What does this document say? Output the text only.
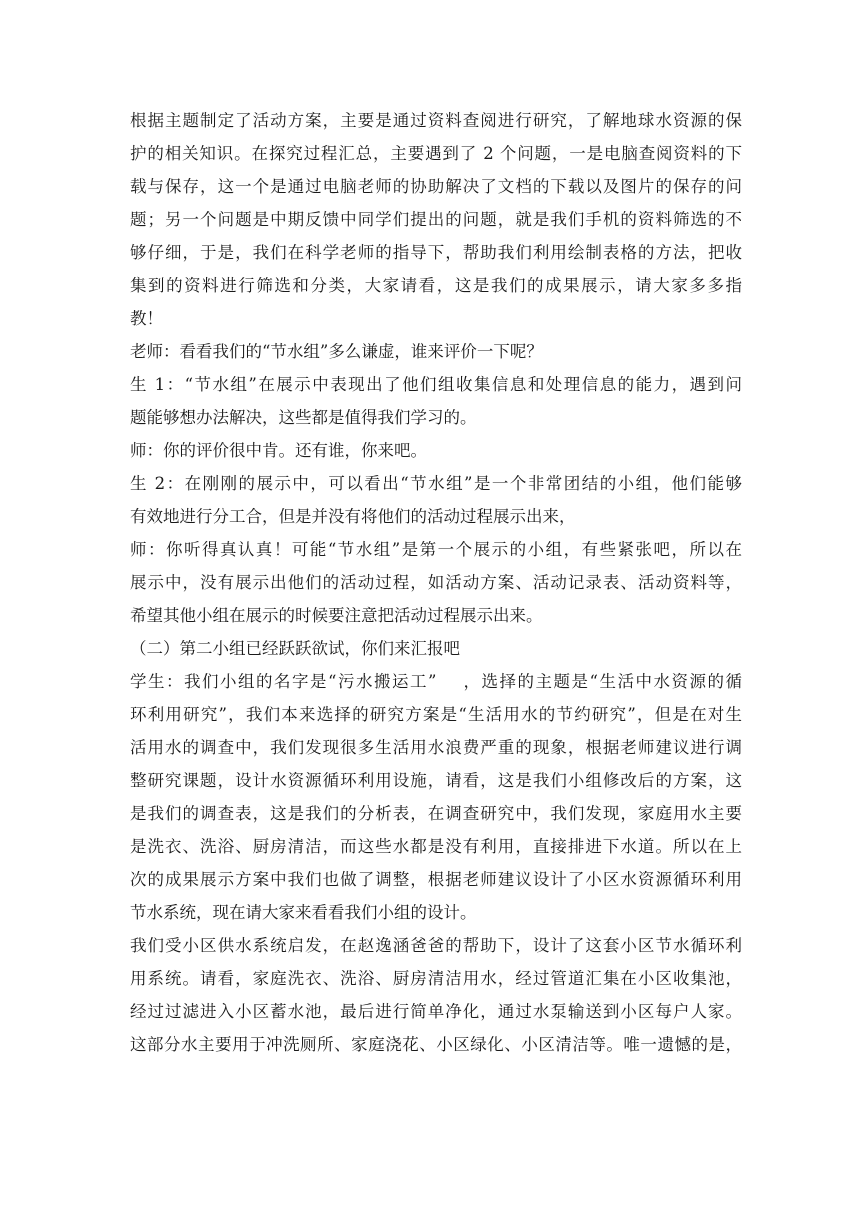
根据主题制定了活动方案，主要是通过资料查阅进行研究，了解地球水资源的保
护的相关知识。在探究过程汇总，主要遇到了 2 个问题，一是电脑查阅资料的下
载与保存，这一个是通过电脑老师的协助解决了文档的下载以及图片的保存的问
题；另一个问题是中期反馈中同学们提出的问题，就是我们手机的资料筛选的不
够仔细，于是，我们在科学老师的指导下，帮助我们利用绘制表格的方法，把收
集到的资料进行筛选和分类，大家请看，这是我们的成果展示，请大家多多指
教！
老师：看看我们的“节水组”多么谦虚，谁来评价一下呢？
生 1：“节水组”在展示中表现出了他们组收集信息和处理信息的能力，遇到问
题能够想办法解决，这些都是值得我们学习的。
师：你的评价很中肯。还有谁，你来吧。
生 2：在刚刚的展示中，可以看出“节水组”是一个非常团结的小组，他们能够
有效地进行分工合，但是并没有将他们的活动过程展示出来，
师：你听得真认真！可能“节水组”是第一个展示的小组，有些紧张吧，所以在
展示中，没有展示出他们的活动过程，如活动方案、活动记录表、活动资料等，
希望其他小组在展示的时候要注意把活动过程展示出来。
（二）第二小组已经跃跃欲试，你们来汇报吧
学生：我们小组的名字是“污水搬运工”    ，选择的主题是“生活中水资源的循
环利用研究”，我们本来选择的研究方案是“生活用水的节约研究”，但是在对生
活用水的调查中，我们发现很多生活用水浪费严重的现象，根据老师建议进行调
整研究课题，设计水资源循环利用设施，请看，这是我们小组修改后的方案，这
是我们的调查表，这是我们的分析表，在调查研究中，我们发现，家庭用水主要
是洗衣、洗浴、厨房清洁，而这些水都是没有利用，直接排进下水道。所以在上
次的成果展示方案中我们也做了调整，根据老师建议设计了小区水资源循环利用
节水系统，现在请大家来看看我们小组的设计。
我们受小区供水系统启发，在赵逸涵爸爸的帮助下，设计了这套小区节水循环利
用系统。请看，家庭洗衣、洗浴、厨房清洁用水，经过管道汇集在小区收集池，
经过过滤进入小区蓄水池，最后进行简单净化，通过水泵输送到小区每户人家。
这部分水主要用于冲洗厕所、家庭浇花、小区绿化、小区清洁等。唯一遗憾的是，
